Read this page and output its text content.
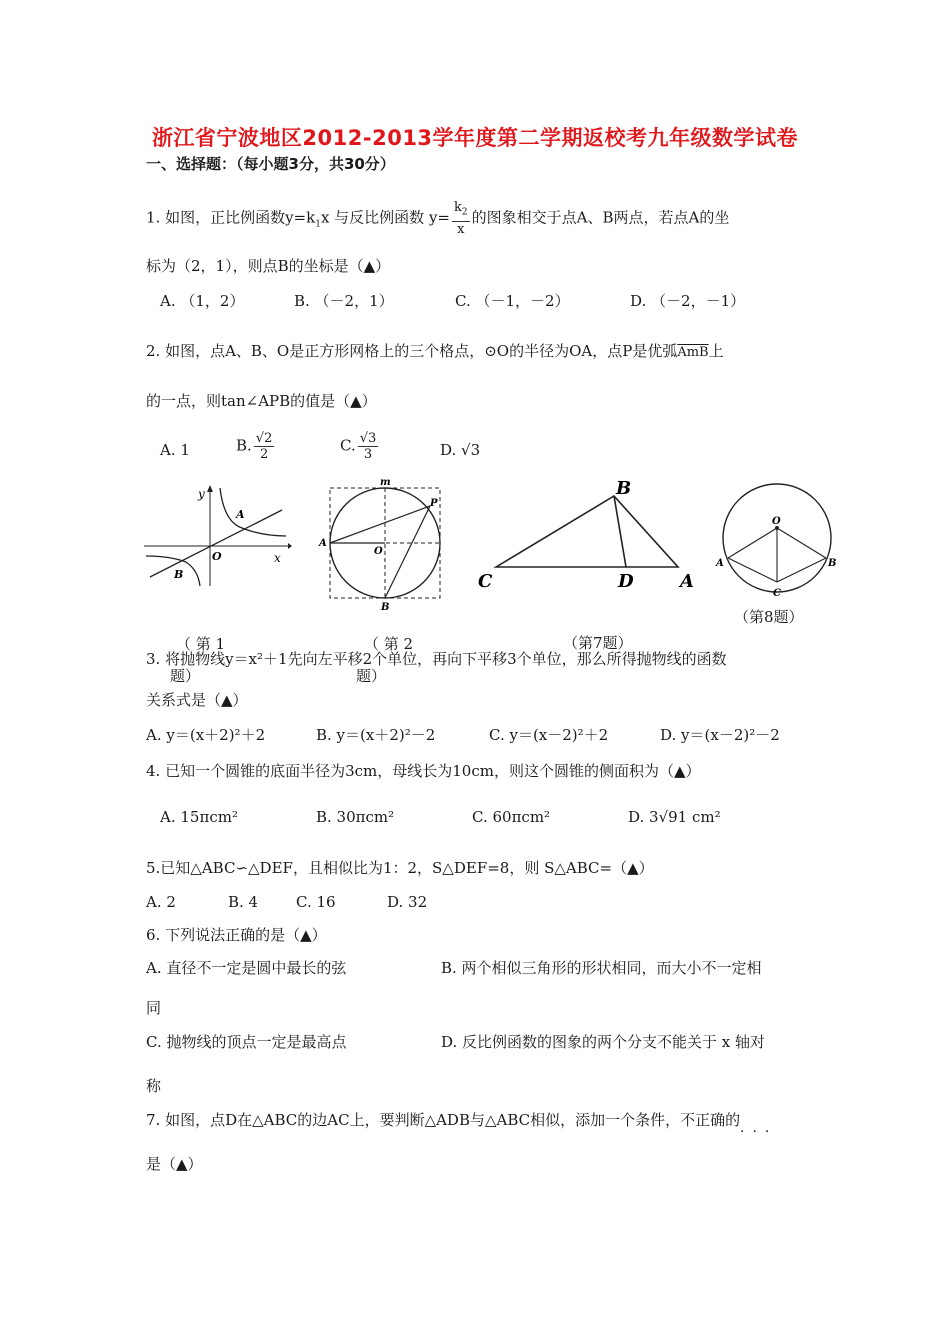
浙江省宁波地区2012-2013学年度第二学期返校考九年级数学试卷
一、选择题：（每小题3分，共30分）
1. 如图，正比例函数$y=k_1x$ 与反比例函数 $y= \frac{k_2}{x}$ 的图象相交于点A、B两点，若点A的坐
标为（2，1），则点B的坐标是（▲）
A. （1，2）	B. （－2，1）	C. （－1，－2）	D. （－2，－1）
2. 如图，点A、B、O是正方形网格上的三个格点，⊙O的半径为OA，点P是优弧$\overline{AmB}$上
的一点，则tan∠APB的值是（▲）
A. 1	B. $\frac{√2}{2}$	C. $\frac{√3}{3}$	D. √3
y
x
O
A
B
m
P
A
O
B
B
C	D	A
O
A	B
C
（ 第 1
题）
（ 第 2
题）
（第7题）
（第8题）
3. 将抛物线y＝x²＋1先向左平移2个单位，再向下平移3个单位，那么所得抛物线的函数
关系式是（▲）
A. y＝(x＋2)²＋2	B. y＝(x＋2)²－2	C. y＝(x－2)²＋2	D. y＝(x－2)²－2
4. 已知一个圆锥的底面半径为3cm，母线长为10cm，则这个圆锥的侧面积为（▲）
A. 15πcm²	B. 30πcm²	C. 60πcm²	D. 3√91 cm²
5.已知△ABC∽△DEF，且相似比为1：2，S△DEF=8，则 S△ABC=（▲）
A. 2	B. 4	C. 16	D. 32
6. 下列说法正确的是（▲）
A. 直径不一定是圆中最长的弦	B. 两个相似三角形的形状相同，而大小不一定相
同
C. 抛物线的顶点一定是最高点	D. 反比例函数的图象的两个分支不能关于 x 轴对
称
7. 如图，点D在△ABC的边AC上，要判断△ADB与△ABC相似，添加一个条件，不正确的
···
是（▲）
